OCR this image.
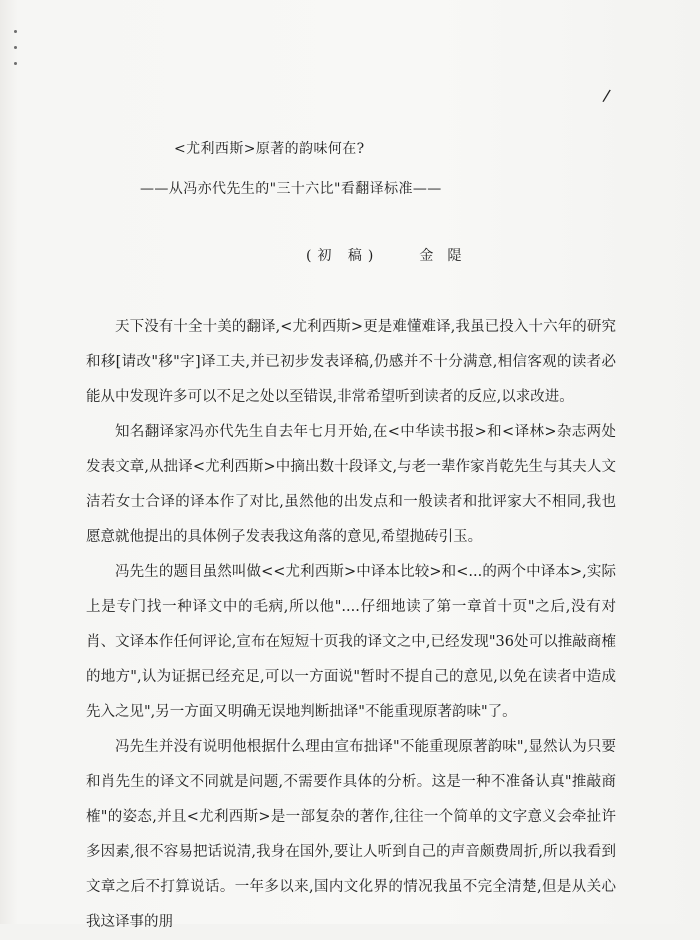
/
<尤利西斯>原著的韵味何在?
——从冯亦代先生的"三十六比"看翻译标准——
(初 稿)	金隄

天下没有十全十美的翻译,<尤利西斯>更是难懂难译,我虽已投入十六年的研究和移[请改"移"字]译工夫,并已初步发表译稿,仍感并不十分满意,相信客观的读者必能从中发现许多可以不足之处以至错误,非常希望听到读者的反应,以求改进。

知名翻译家冯亦代先生自去年七月开始,在<中华读书报>和<译林>杂志两处发表文章,从拙译<尤利西斯>中摘出数十段译文,与老一辈作家肖乾先生与其夫人文洁若女士合译的译本作了对比,虽然他的出发点和一般读者和批评家大不相同,我也愿意就他提出的具体例子发表我这角落的意见,希望抛砖引玉。

冯先生的题目虽然叫做<<尤利西斯>中译本比较>和<...的两个中译本>,实际上是专门找一种译文中的毛病,所以他"....仔细地读了第一章首十页"之后,没有对肖、文译本作任何评论,宣布在短短十页我的译文之中,已经发现"36处可以推敲商榷的地方",认为证据已经充足,可以一方面说"暂时不提自己的意见,以免在读者中造成先入之见",另一方面又明确无误地判断拙译"不能重现原著韵味"了。

冯先生并没有说明他根据什么理由宣布拙译"不能重现原著韵味",显然认为只要和肖先生的译文不同就是问题,不需要作具体的分析。这是一种不准备认真"推敲商榷"的姿态,并且<尤利西斯>是一部复杂的著作,往往一个简单的文字意义会牵扯许多因素,很不容易把话说清,我身在国外,要让人听到自己的声音颇费周折,所以我看到文章之后不打算说话。一年多以来,国内文化界的情况我虽不完全清楚,但是从关心我这译事的朋
